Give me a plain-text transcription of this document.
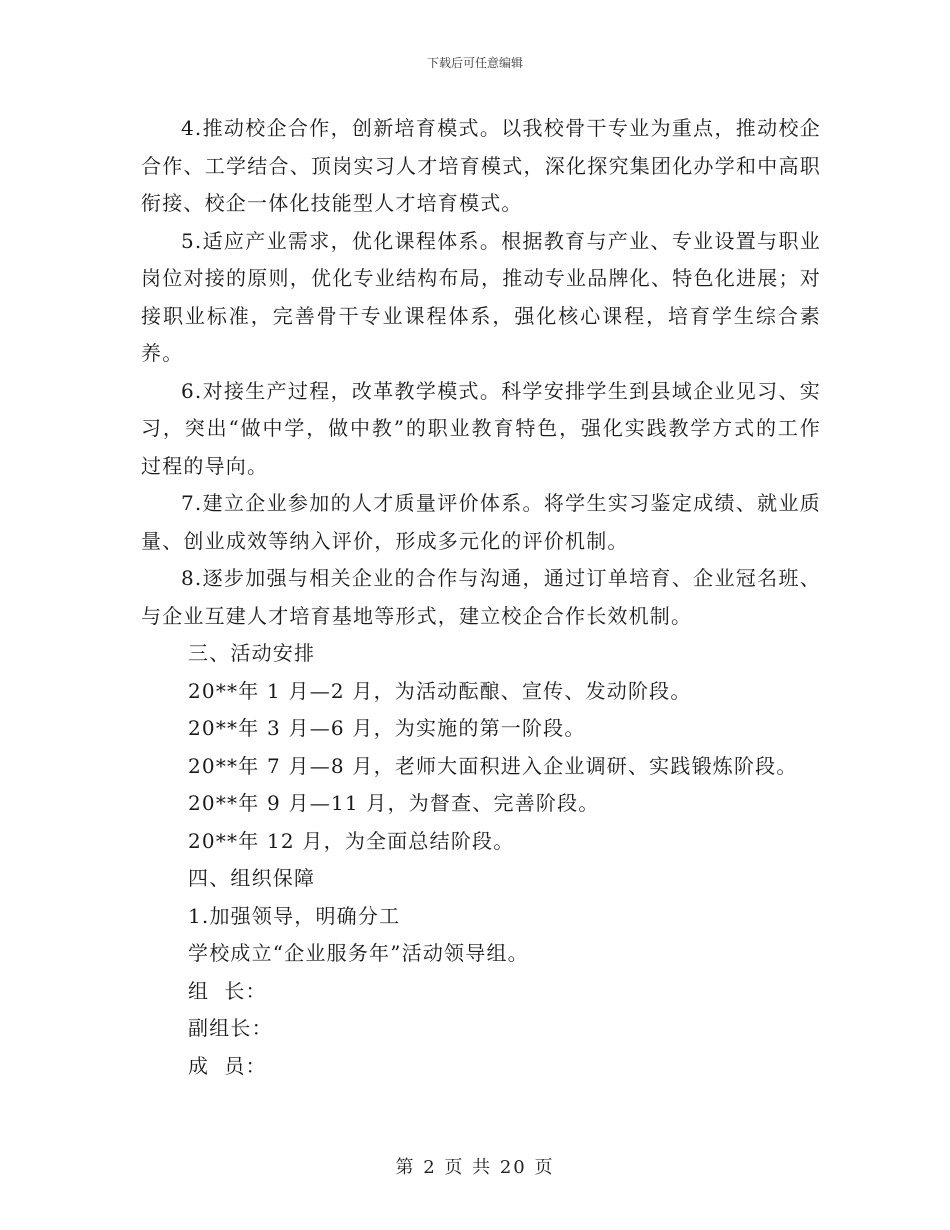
下载后可任意编辑

4.推动校企合作，创新培育模式。以我校骨干专业为重点，推动校企合作、工学结合、顶岗实习人才培育模式，深化探究集团化办学和中高职衔接、校企一体化技能型人才培育模式。

5.适应产业需求，优化课程体系。根据教育与产业、专业设置与职业岗位对接的原则，优化专业结构布局，推动专业品牌化、特色化进展；对接职业标准，完善骨干专业课程体系，强化核心课程，培育学生综合素养。

6.对接生产过程，改革教学模式。科学安排学生到县域企业见习、实习，突出“做中学，做中教”的职业教育特色，强化实践教学方式的工作过程的导向。

7.建立企业参加的人才质量评价体系。将学生实习鉴定成绩、就业质量、创业成效等纳入评价，形成多元化的评价机制。

8.逐步加强与相关企业的合作与沟通，通过订单培育、企业冠名班、与企业互建人才培育基地等形式，建立校企合作长效机制。

三、活动安排

20**年 1 月—2 月，为活动酝酿、宣传、发动阶段。

20**年 3 月—6 月，为实施的第一阶段。

20**年 7 月—8 月，老师大面积进入企业调研、实践锻炼阶段。

20**年 9 月—11 月，为督查、完善阶段。

20**年 12 月，为全面总结阶段。

四、组织保障

1.加强领导，明确分工

学校成立“企业服务年”活动领导组。

组  长：

副组长：

成  员：

第 2 页 共 20 页
